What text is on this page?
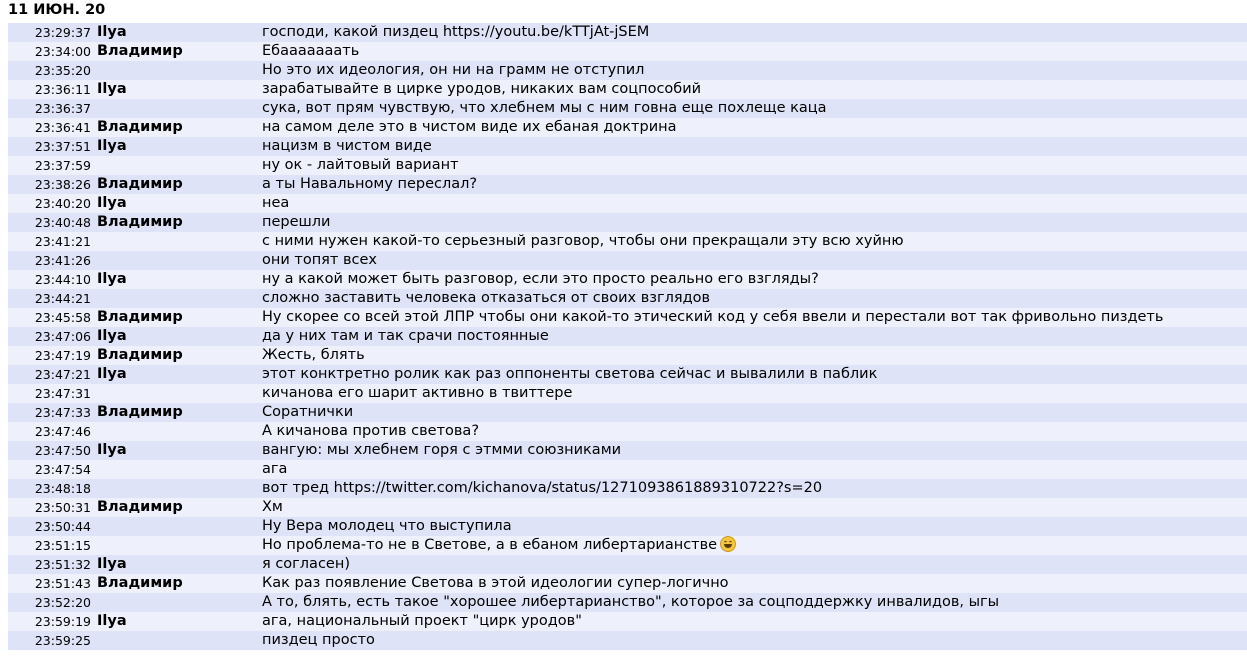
11 ИЮН. 20
23:29:37 Ilya	господи, какой пиздец https://youtu.be/kTTjAt-jSEM
23:34:00 Владимир	Ебааааааать
23:35:20	Но это их идеология, он ни на грамм не отступил
23:36:11 Ilya	зарабатывайте в цирке уродов, никаких вам соцпособий
23:36:37	сука, вот прям чувствую, что хлебнем мы с ним говна еще похлеще каца
23:36:41 Владимир	на самом деле это в чистом виде их ебаная доктрина
23:37:51 Ilya	нацизм в чистом виде
23:37:59	ну ок - лайтовый вариант
23:38:26 Владимир	а ты Навальному переслал?
23:40:20 Ilya	неа
23:40:48 Владимир	перешли
23:41:21	с ними нужен какой-то серьезный разговор, чтобы они прекращали эту всю хуйню
23:41:26	они топят всех
23:44:10 Ilya	ну а какой может быть разговор, если это просто реально его взгляды?
23:44:21	сложно заставить человека отказаться от своих взглядов
23:45:58 Владимир	Ну скорее со всей этой ЛПР чтобы они какой-то этический код у себя ввели и перестали вот так фривольно пиздеть
23:47:06 Ilya	да у них там и так срачи постоянные
23:47:19 Владимир	Жесть, блять
23:47:21 Ilya	этот конктретно ролик как раз оппоненты светова сейчас и вывалили в паблик
23:47:31	кичанова его шарит активно в твиттере
23:47:33 Владимир	Соратнички
23:47:46	А кичанова против светова?
23:47:50 Ilya	вангую: мы хлебнем горя с этмми союзниками
23:47:54	ага
23:48:18	вот тред https://twitter.com/kichanova/status/1271093861889310722?s=20
23:50:31 Владимир	Хм
23:50:44	Ну Вера молодец что выступила
23:51:15	Но проблема-то не в Светове, а в ебаном либертарианстве
23:51:32 Ilya	я согласен)
23:51:43 Владимир	Как раз появление Светова в этой идеологии супер-логично
23:52:20	А то, блять, есть такое "хорошее либертарианство", которое за соцподдержку инвалидов, ыгы
23:59:19 Ilya	ага, национальный проект "цирк уродов"
23:59:25	пиздец просто
